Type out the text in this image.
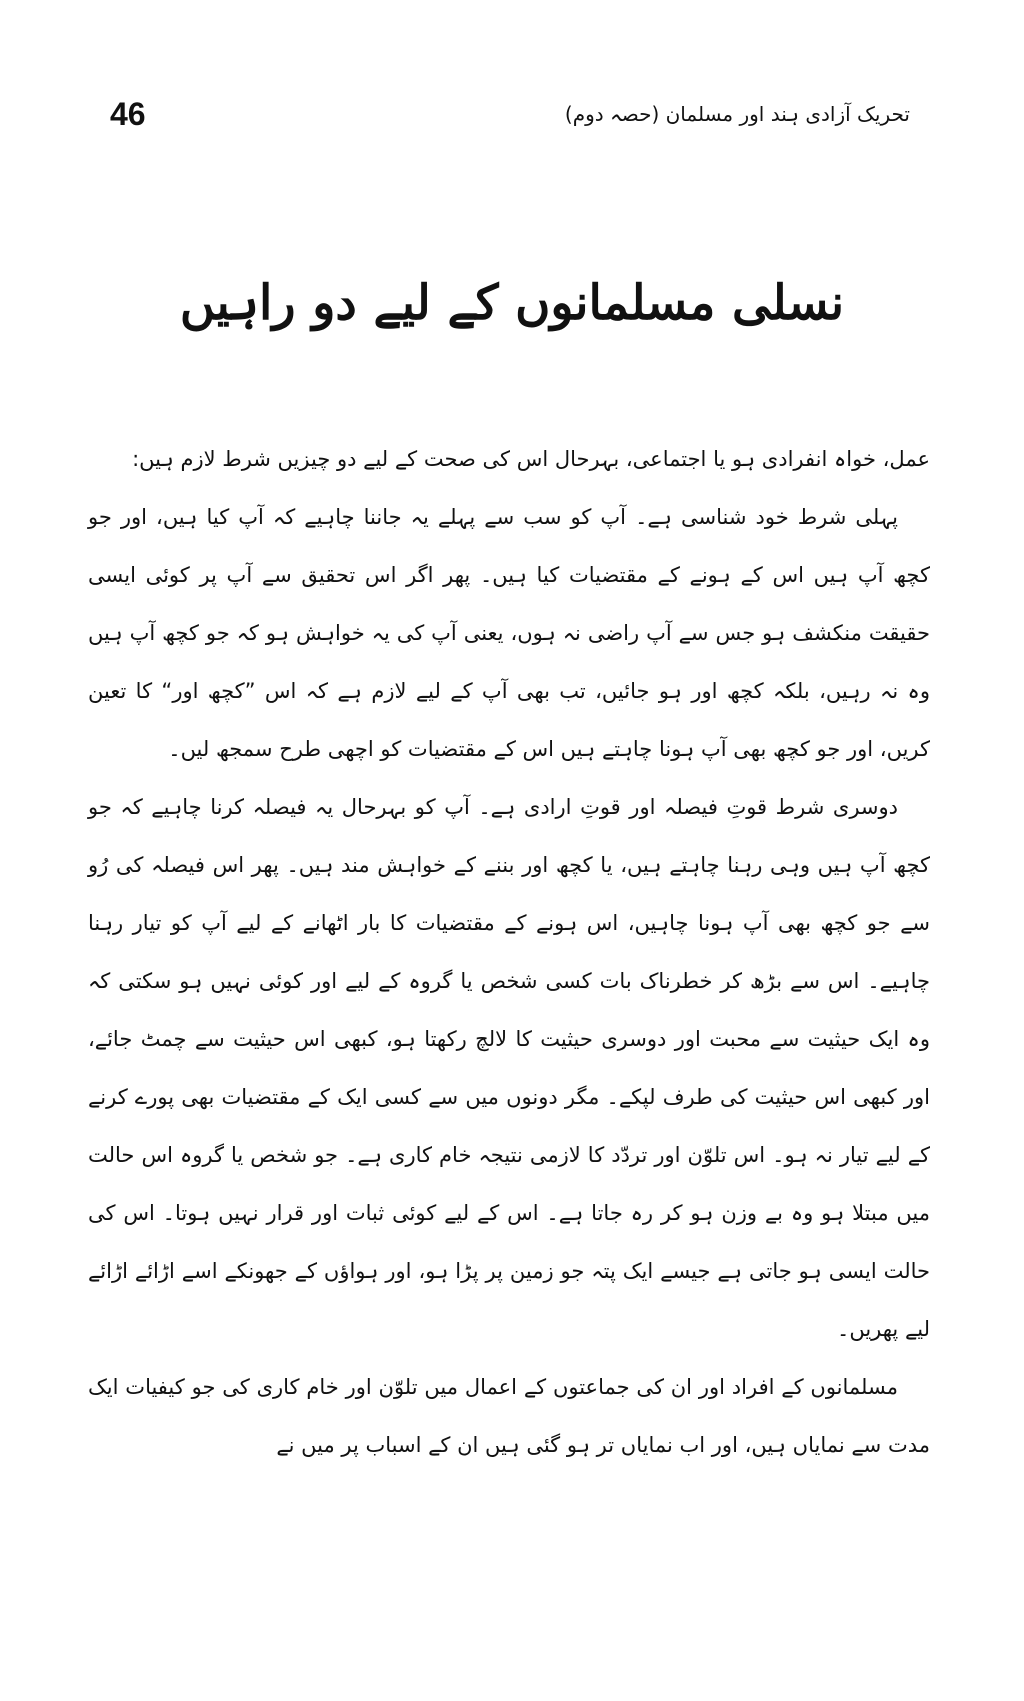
46	تحریک آزادی ہند اور مسلمان (حصہ دوم)
نسلی مسلمانوں کے لیے دو راہیں

عمل، خواہ انفرادی ہو یا اجتماعی، بہرحال اس کی صحت کے لیے دو چیزیں شرط لازم ہیں:

پہلی شرط خود شناسی ہے۔ آپ کو سب سے پہلے یہ جاننا چاہیے کہ آپ کیا ہیں، اور جو کچھ آپ ہیں اس کے ہونے کے مقتضیات کیا ہیں۔ پھر اگر اس تحقیق سے آپ پر کوئی ایسی حقیقت منکشف ہو جس سے آپ راضی نہ ہوں، یعنی آپ کی یہ خواہش ہو کہ جو کچھ آپ ہیں وہ نہ رہیں، بلکہ کچھ اور ہو جائیں، تب بھی آپ کے لیے لازم ہے کہ اس ”کچھ اور“ کا تعین کریں، اور جو کچھ بھی آپ ہونا چاہتے ہیں اس کے مقتضیات کو اچھی طرح سمجھ لیں۔

دوسری شرط قوتِ فیصلہ اور قوتِ ارادی ہے۔ آپ کو بہرحال یہ فیصلہ کرنا چاہیے کہ جو کچھ آپ ہیں وہی رہنا چاہتے ہیں، یا کچھ اور بننے کے خواہش مند ہیں۔ پھر اس فیصلہ کی رُو سے جو کچھ بھی آپ ہونا چاہیں، اس ہونے کے مقتضیات کا بار اٹھانے کے لیے آپ کو تیار رہنا چاہیے۔ اس سے بڑھ کر خطرناک بات کسی شخص یا گروہ کے لیے اور کوئی نہیں ہو سکتی کہ وہ ایک حیثیت سے محبت اور دوسری حیثیت کا لالچ رکھتا ہو، کبھی اس حیثیت سے چمٹ جائے، اور کبھی اس حیثیت کی طرف لپکے۔ مگر دونوں میں سے کسی ایک کے مقتضیات بھی پورے کرنے کے لیے تیار نہ ہو۔ اس تلوّن اور تردّد کا لازمی نتیجہ خام کاری ہے۔ جو شخص یا گروہ اس حالت میں مبتلا ہو وہ بے وزن ہو کر رہ جاتا ہے۔ اس کے لیے کوئی ثبات اور قرار نہیں ہوتا۔ اس کی حالت ایسی ہو جاتی ہے جیسے ایک پتہ جو زمین پر پڑا ہو، اور ہواؤں کے جھونکے اسے اڑائے اڑائے لیے پھریں۔

مسلمانوں کے افراد اور ان کی جماعتوں کے اعمال میں تلوّن اور خام کاری کی جو کیفیات ایک مدت سے نمایاں ہیں، اور اب نمایاں تر ہو گئی ہیں ان کے اسباب پر میں نے
